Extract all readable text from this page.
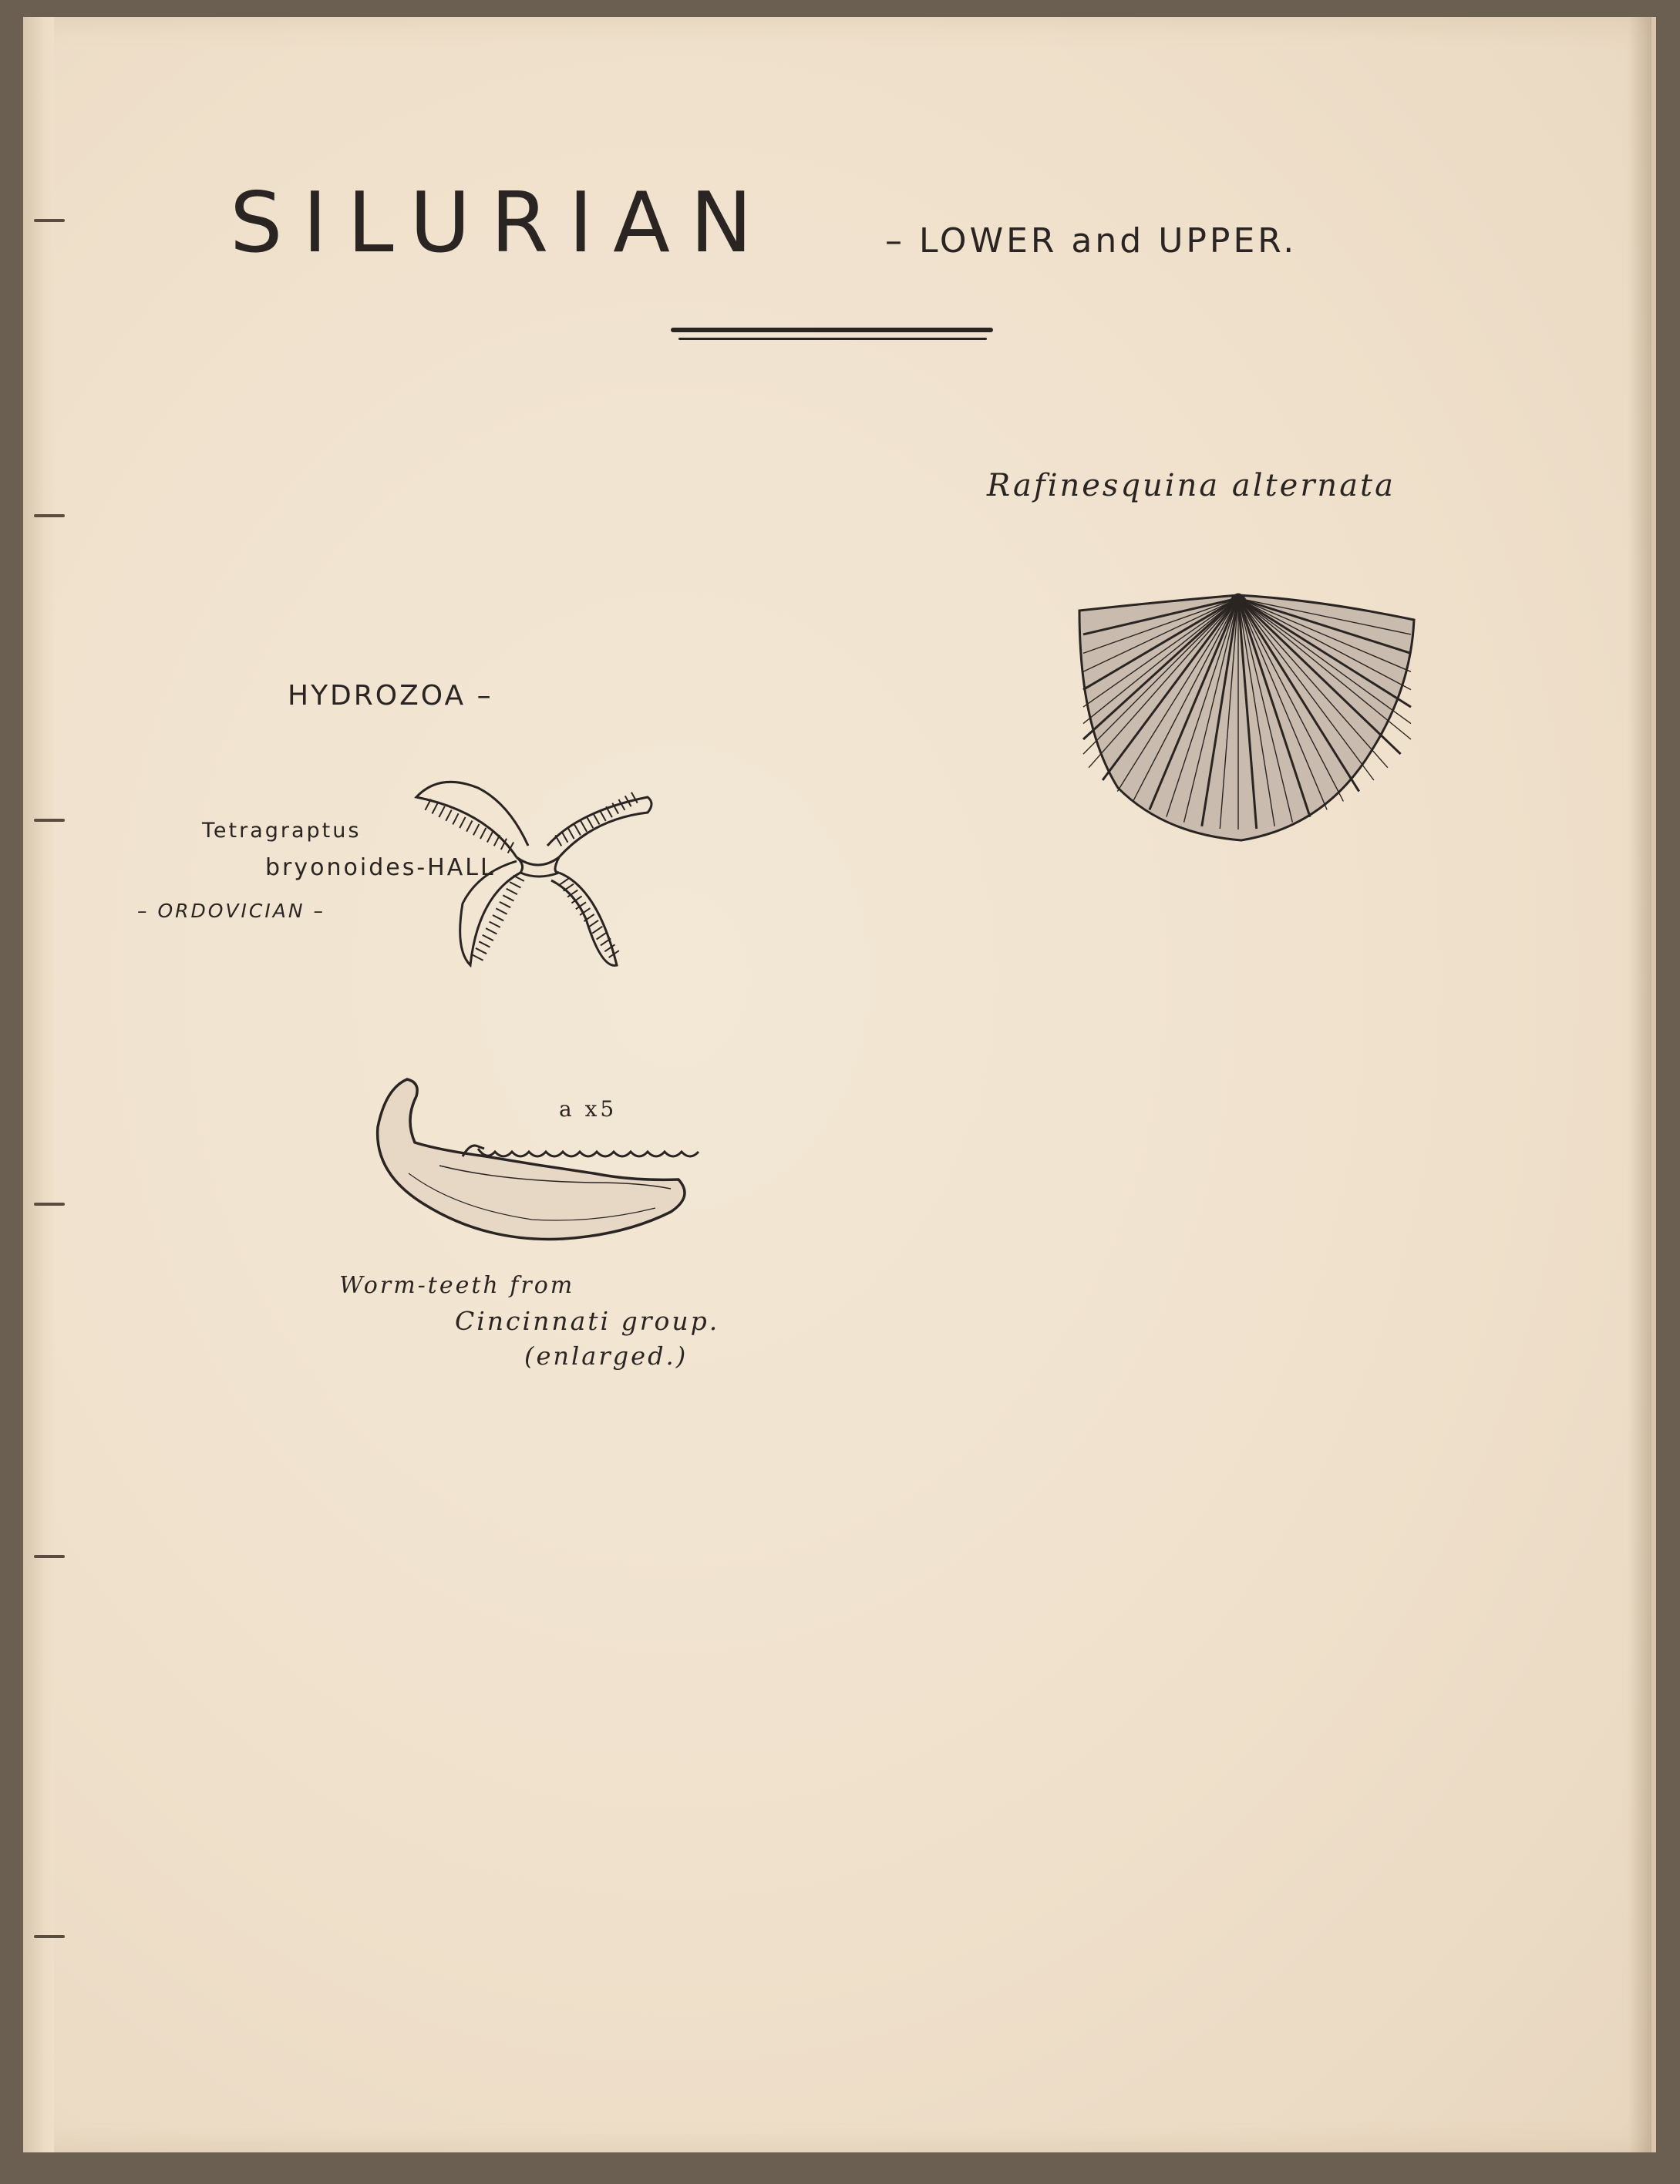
SILURIAN	– LOWER and UPPER.
Rafinesquina alternata
HYDROZOA –
Tetragraptus
bryonoides-HALL
– ORDOVICIAN –
a x5
Worm-teeth from
Cincinnati group.
(enlarged.)
